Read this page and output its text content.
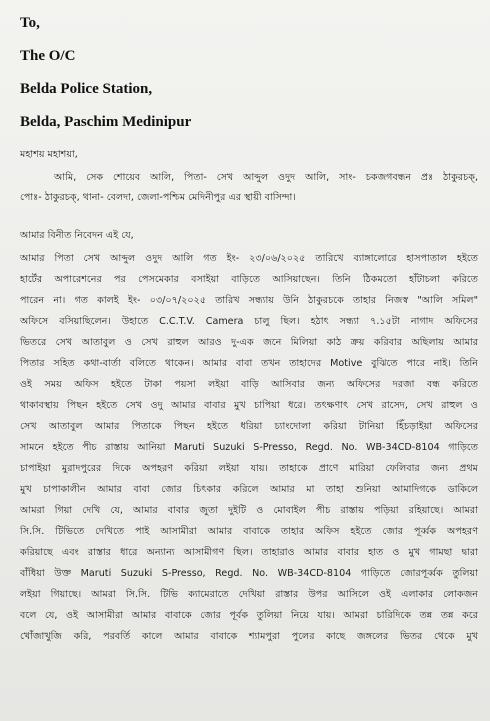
To,
The O/C
Belda Police Station,
Belda, Paschim Medinipur
মহাশয় মহাশয়া,
আমি, সেক শোয়েব আলি, পিতা- সেখ আব্দুল ওদুদ আলি, সাং- চকজগবন্ধন প্রঃ ঠাকুরচক্‌,
পোঃ- ঠাকুরচক্‌, থানা- বেলদা, জেলা-পশ্চিম মেদিনীপুর এর স্থায়ী বাসিন্দা।
আমার বিনীত নিবেদন এই যে,
আমার পিতা সেখ আব্দুল ওদুদ আলি গত ইং- ২৩/০৬/২০২৫ তারিখে ব্যাঙ্গালোরে হাসপাতাল হইতে
হার্টের অপারেশনের পর পেসমেকার বসাইয়া বাড়িতে আসিয়াছেন। তিনি ঠিকমতো হাঁটাচলা করিতে
পারেন না। গত কালই ইং- ০৩/০৭/২০২৫ তারিখ সন্ধ্যায় উনি ঠাকুরচকে তাহার নিজস্ব "আলি সমিল"
অফিসে বসিয়াছিলেন। উহাতে C.C.T.V. Camera চালু ছিল। হঠাৎ সন্ধ্যা ৭.১৫টা নাগাদ অফিসের
ভিতরে সেখ আতাবুল ও সেখ রাহুল আরও দু-এক জনে মিলিয়া কাঠ ক্রয় করিবার অছিলায় আমার
পিতার সহিত কথা-বার্তা বলিতে থাকেন। আমার বাবা তখন তাহাদের Motive বুঝিতে পারে নাই। তিনি
ওই সময় অফিস হইতে টাকা পয়সা লইয়া বাড়ি আসিবার জন্য অফিসের দরজা বন্ধ করিতে
থাকাবস্থায় পিছন হইতে সেখ ওদু আমার বাবার মুখ চাপিয়া ধরে। তৎক্ষণাৎ সেখ রাসেদ, সেখ রাহুল ও
সেখ আতাবুল আমার পিতাকে পিছন হইতে ধরিয়া চ্যাংদোলা করিয়া টানিয়া হিঁচড়াইয়া অফিসের
সামনে হইতে পীচ রাস্তায় আনিয়া Maruti Suzuki S-Presso, Regd. No. WB-34CD-8104 গাড়িতে
চাপাইয়া মুরাদপুরের দিকে অপহরণ করিয়া লইয়া যায়। তাহাকে প্রাণে মারিয়া ফেলিবার জন্য প্রথম
মুখ চাপাকালীন আমার বাবা জোর চিৎকার করিলে আমার মা তাহা শুনিয়া আমাদিগকে ডাকিলে
আমরা গিয়া দেখি যে, আমার বাবার জুতা দুইটি ও মোবাইল পীচ রাস্তায় পড়িয়া রহিয়াছে। আমরা
সি.সি. টিভিতে দেখিতে পাই আসামীরা আমার বাবাকে তাহার অফিস হইতে জোর পূর্ব্বক অপহরণ
করিয়াছে এবং রাস্তার ধারে অন্যান্য আসামীগণ ছিল। তাহারাও আমার বাবার হাত ও মুখ গামছা দ্বারা
বাঁধিয়া উক্ত Maruti Suzuki S-Presso, Regd. No. WB-34CD-8104 গাড়িতে জোরপূর্ব্বক তুলিয়া
লইয়া গিয়াছে। আমরা সি.সি. টিভি ক্যামেরাতে দেখিয়া রাস্তার উপর আসিলে ওই এলাকার লোকজন
বলে যে, ওই আসামীরা আমার বাবাকে জোর পূর্বক তুলিয়া নিয়ে যায়। আমরা চারিদিকে তন্ন তন্ন করে
খোঁজাখুজি করি, পরবর্তি কালে আমার বাবাকে শ্যামপুরা পুলের কাছে জঙ্গলের ভিতর থেকে মুখ
